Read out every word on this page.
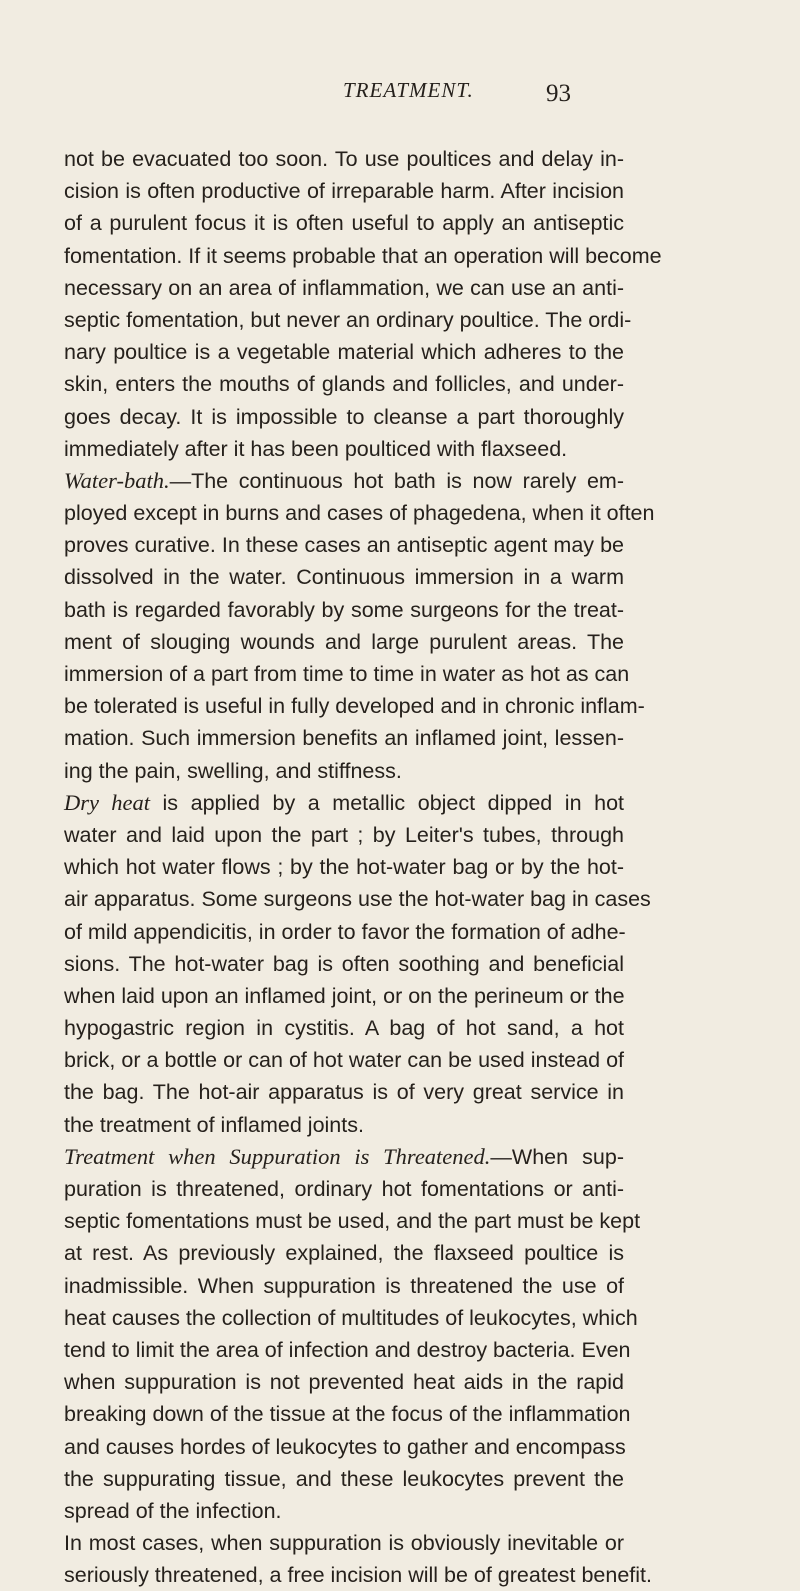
TREATMENT.	93
not be evacuated too soon. To use poultices and delay in-
cision is often productive of irreparable harm. After incision
of a purulent focus it is often useful to apply an antiseptic
fomentation. If it seems probable that an operation will become
necessary on an area of inflammation, we can use an anti-
septic fomentation, but never an ordinary poultice. The ordi-
nary poultice is a vegetable material which adheres to the
skin, enters the mouths of glands and follicles, and under-
goes decay. It is impossible to cleanse a part thoroughly
immediately after it has been poulticed with flaxseed.
Water-bath.—The continuous hot bath is now rarely em-
ployed except in burns and cases of phagedena, when it often
proves curative. In these cases an antiseptic agent may be
dissolved in the water. Continuous immersion in a warm
bath is regarded favorably by some surgeons for the treat-
ment of slouging wounds and large purulent areas. The
immersion of a part from time to time in water as hot as can
be tolerated is useful in fully developed and in chronic inflam-
mation. Such immersion benefits an inflamed joint, lessen-
ing the pain, swelling, and stiffness.
Dry heat is applied by a metallic object dipped in hot
water and laid upon the part ; by Leiter's tubes, through
which hot water flows ; by the hot-water bag or by the hot-
air apparatus. Some surgeons use the hot-water bag in cases
of mild appendicitis, in order to favor the formation of adhe-
sions. The hot-water bag is often soothing and beneficial
when laid upon an inflamed joint, or on the perineum or the
hypogastric region in cystitis. A bag of hot sand, a hot
brick, or a bottle or can of hot water can be used instead of
the bag. The hot-air apparatus is of very great service in
the treatment of inflamed joints.
Treatment when Suppuration is Threatened.—When sup-
puration is threatened, ordinary hot fomentations or anti-
septic fomentations must be used, and the part must be kept
at rest. As previously explained, the flaxseed poultice is
inadmissible. When suppuration is threatened the use of
heat causes the collection of multitudes of leukocytes, which
tend to limit the area of infection and destroy bacteria. Even
when suppuration is not prevented heat aids in the rapid
breaking down of the tissue at the focus of the inflammation
and causes hordes of leukocytes to gather and encompass
the suppurating tissue, and these leukocytes prevent the
spread of the infection.
In most cases, when suppuration is obviously inevitable or
seriously threatened, a free incision will be of greatest benefit.
